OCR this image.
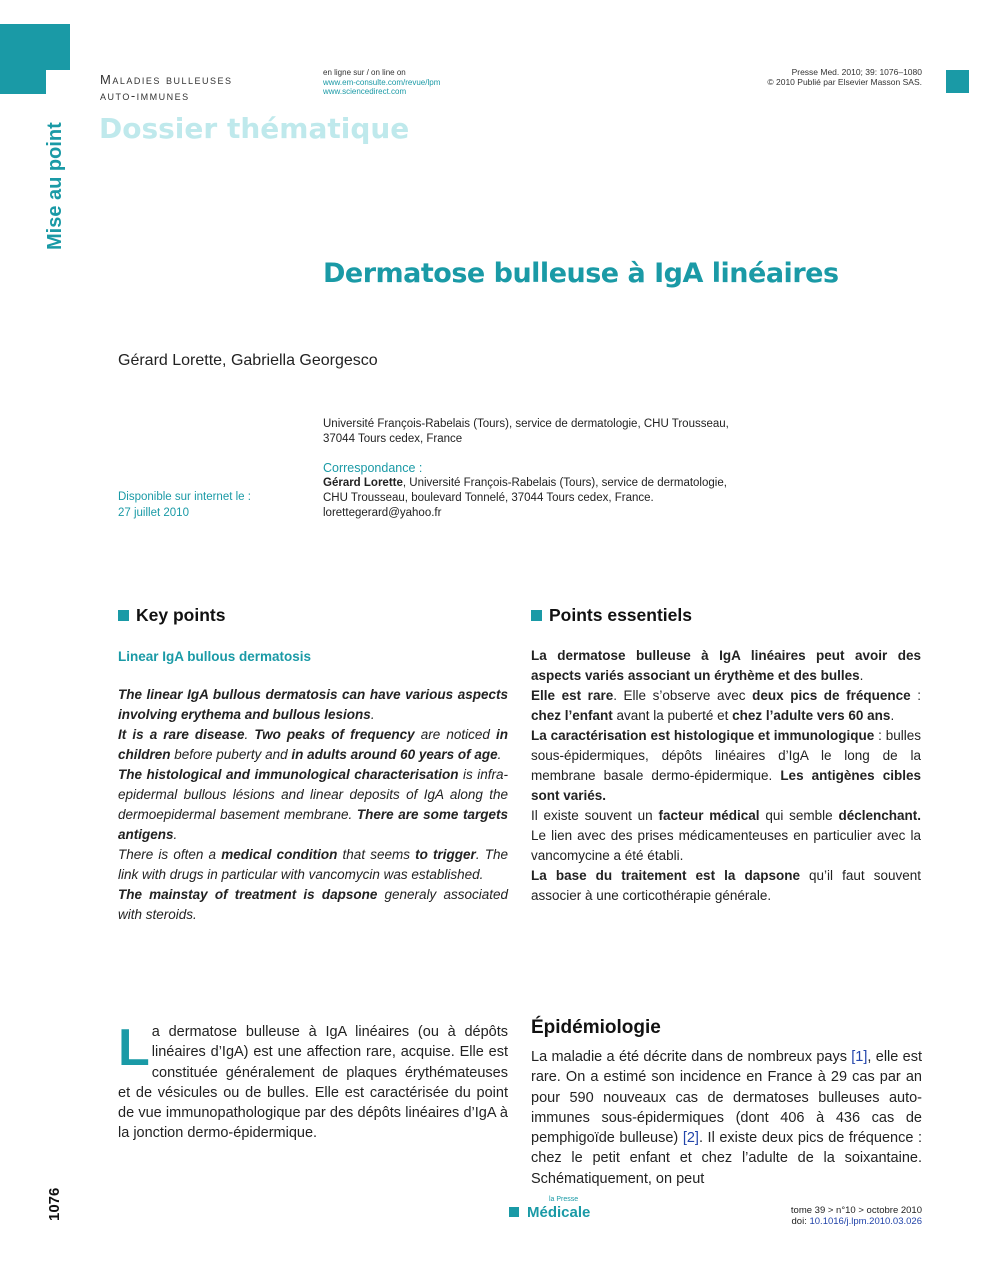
Mise au point
Maladies bulleuses
auto-immunes
Dossier thématique
en ligne sur / on line on
www.em-consulte.com/revue/lpm
www.sciencedirect.com
Presse Med. 2010; 39: 1076–1080
© 2010 Publié par Elsevier Masson SAS.
Dermatose bulleuse à IgA linéaires
Gérard Lorette, Gabriella Georgesco
Université François-Rabelais (Tours), service de dermatologie, CHU Trousseau,
37044 Tours cedex, France
Correspondance :
Gérard Lorette, Université François-Rabelais (Tours), service de dermatologie,
CHU Trousseau, boulevard Tonnelé, 37044 Tours cedex, France.
lorettegerard@yahoo.fr
Disponible sur internet le :
27 juillet 2010
Key points	Points essentiels
Linear IgA bullous dermatosis

The linear IgA bullous dermatosis can have various aspects involving erythema and bullous lesions.

It is a rare disease. Two peaks of frequency are noticed in children before puberty and in adults around 60 years of age.

The histological and immunological characterisation is infra-epidermal bullous lésions and linear deposits of IgA along the dermoepidermal basement membrane. There are some targets antigens.

There is often a medical condition that seems to trigger. The link with drugs in particular with vancomycin was established.

The mainstay of treatment is dapsone generaly associated with steroids.

La dermatose bulleuse à IgA linéaires peut avoir des aspects variés associant un érythème et des bulles.

Elle est rare. Elle s’observe avec deux pics de fréquence : chez l’enfant avant la puberté et chez l’adulte vers 60 ans.

La caractérisation est histologique et immunologique : bulles sous-épidermiques, dépôts linéaires d’IgA le long de la membrane basale dermo-épidermique. Les antigènes cibles sont variés.

Il existe souvent un facteur médical qui semble déclenchant. Le lien avec des prises médicamenteuses en particulier avec la vancomycine a été établi.

La base du traitement est la dapsone qu’il faut souvent associer à une corticothérapie générale.

La dermatose bulleuse à IgA linéaires (ou à dépôts linéaires d’IgA) est une affection rare, acquise. Elle est constituée généralement de plaques érythémateuses et de vésicules ou de bulles. Elle est caractérisée du point de vue immunopathologique par des dépôts linéaires d’IgA à la jonction dermo-épidermique.
Épidémiologie
La maladie a été décrite dans de nombreux pays [1], elle est rare. On a estimé son incidence en France à 29 cas par an pour 590 nouveaux cas de dermatoses bulleuses auto-immunes sous-épidermiques (dont 406 à 436 cas de pemphigoïde bulleuse) [2]. Il existe deux pics de fréquence : chez le petit enfant et chez l’adulte de la soixantaine. Schématiquement, on peut
1076	la Presse
Médicale	tome 39 > n°10 > octobre 2010
doi: 10.1016/j.lpm.2010.03.026
